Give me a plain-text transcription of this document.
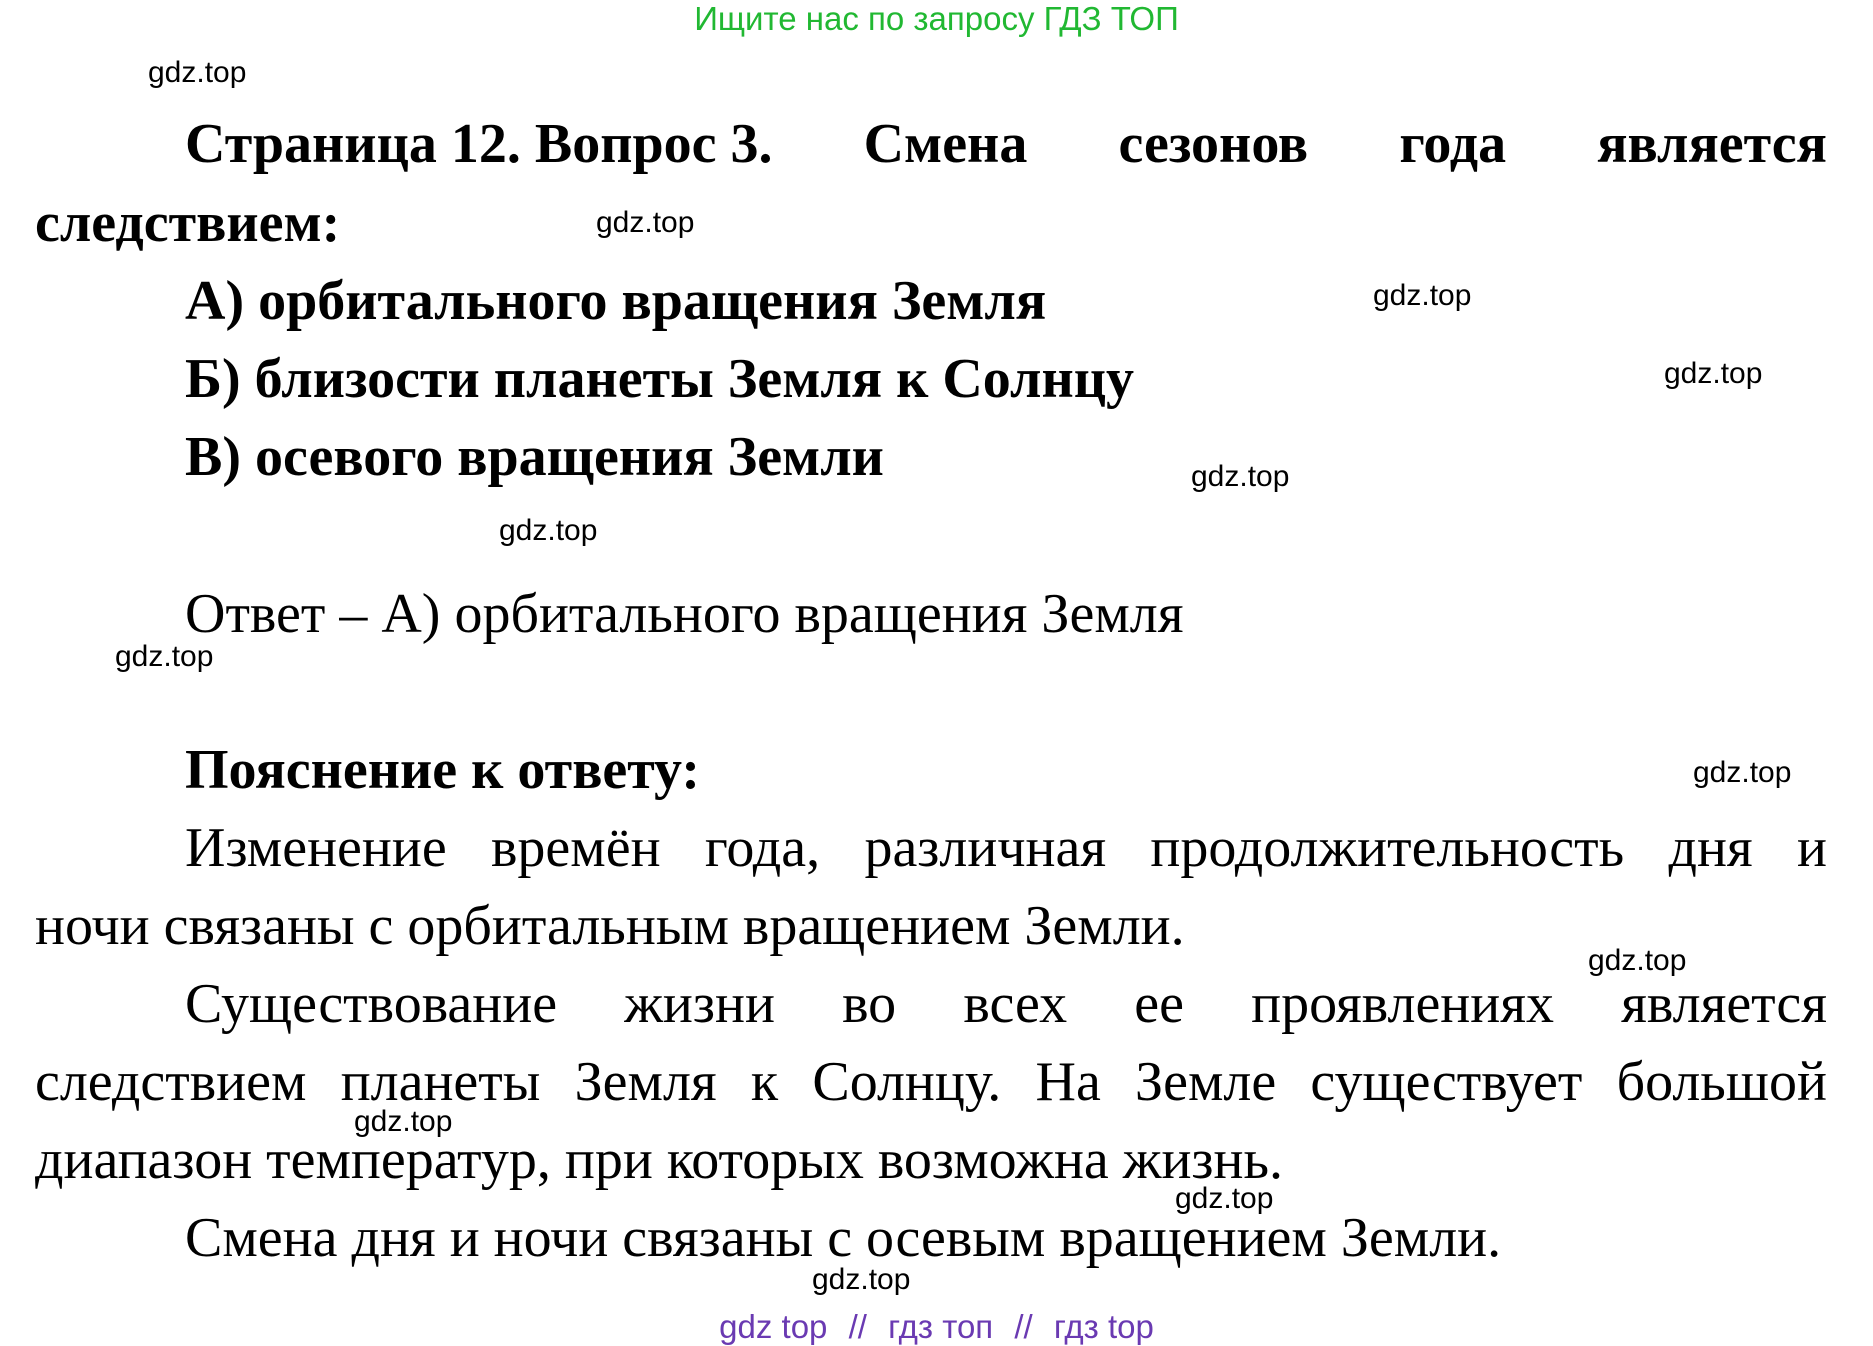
Ищите нас по запросу ГДЗ ТОП
gdz.top
gdz.top
gdz.top
gdz.top
gdz.top
gdz.top
gdz.top
gdz.top
gdz.top
gdz.top
gdz.top
gdz.top
Страница 12. Вопрос 3. Смена сезонов года является
следствием:
А) орбитального вращения Земля
Б) близости планеты Земля к Солнцу
В) осевого вращения Земли
Ответ – А) орбитального вращения Земля
Пояснение к ответу:
Изменение времён года, различная продолжительность дня и
ночи связаны с орбитальным вращением Земли.
Существование жизни во всех ее проявлениях является
следствием планеты Земля к Солнцу. На Земле существует большой
диапазон температур, при которых возможна жизнь.
Смена дня и ночи связаны с осевым вращением Земли.
gdz top // гдз топ // гдз top
